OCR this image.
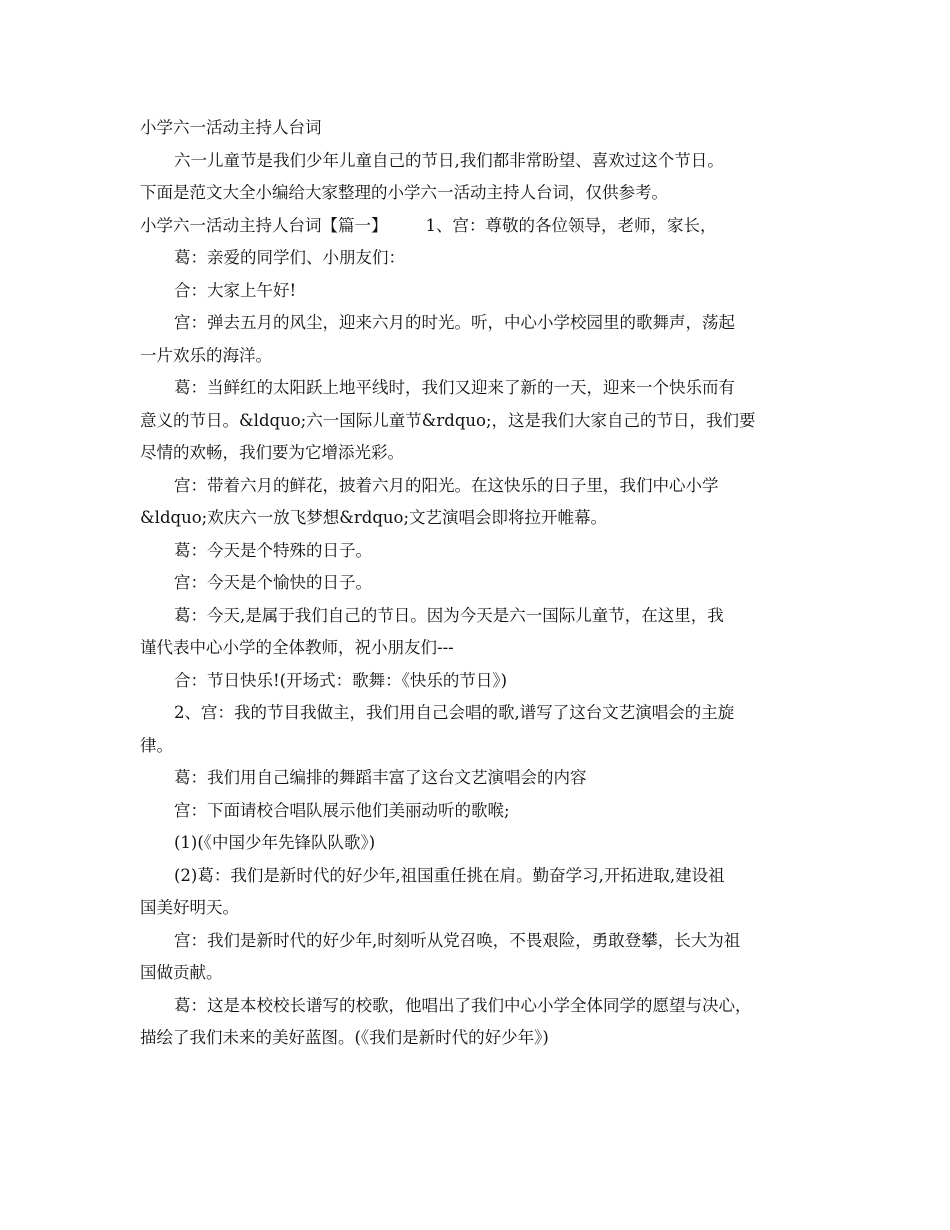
小学六一活动主持人台词
六一儿童节是我们少年儿童自己的节日,我们都非常盼望、喜欢过这个节日。
下面是范文大全小编给大家整理的小学六一活动主持人台词，仅供参考。
小学六一活动主持人台词【篇一】 1、宫：尊敬的各位领导，老师，家长，
葛：亲爱的同学们、小朋友们：
合：大家上午好!
宫：弹去五月的风尘，迎来六月的时光。听，中心小学校园里的歌舞声，荡起
一片欢乐的海洋。
葛：当鲜红的太阳跃上地平线时，我们又迎来了新的一天，迎来一个快乐而有
意义的节日。&ldquo;六一国际儿童节&rdquo;，这是我们大家自己的节日，我们要
尽情的欢畅，我们要为它增添光彩。
宫：带着六月的鲜花，披着六月的阳光。在这快乐的日子里，我们中心小学
&ldquo;欢庆六一放飞梦想&rdquo;文艺演唱会即将拉开帷幕。
葛：今天是个特殊的日子。
宫：今天是个愉快的日子。
葛：今天,是属于我们自己的节日。因为今天是六一国际儿童节，在这里，我
谨代表中心小学的全体教师，祝小朋友们---
合：节日快乐!(开场式：歌舞：《快乐的节日》)
2、宫：我的节目我做主，我们用自己会唱的歌,谱写了这台文艺演唱会的主旋
律。
葛：我们用自己编排的舞蹈丰富了这台文艺演唱会的内容
宫：下面请校合唱队展示他们美丽动听的歌喉;
(1)(《中国少年先锋队队歌》)
(2)葛：我们是新时代的好少年,祖国重任挑在肩。勤奋学习,开拓进取,建设祖
国美好明天。
宫：我们是新时代的好少年,时刻听从党召唤，不畏艰险，勇敢登攀，长大为祖
国做贡献。
葛：这是本校校长谱写的校歌，他唱出了我们中心小学全体同学的愿望与决心，
描绘了我们未来的美好蓝图。(《我们是新时代的好少年》)
